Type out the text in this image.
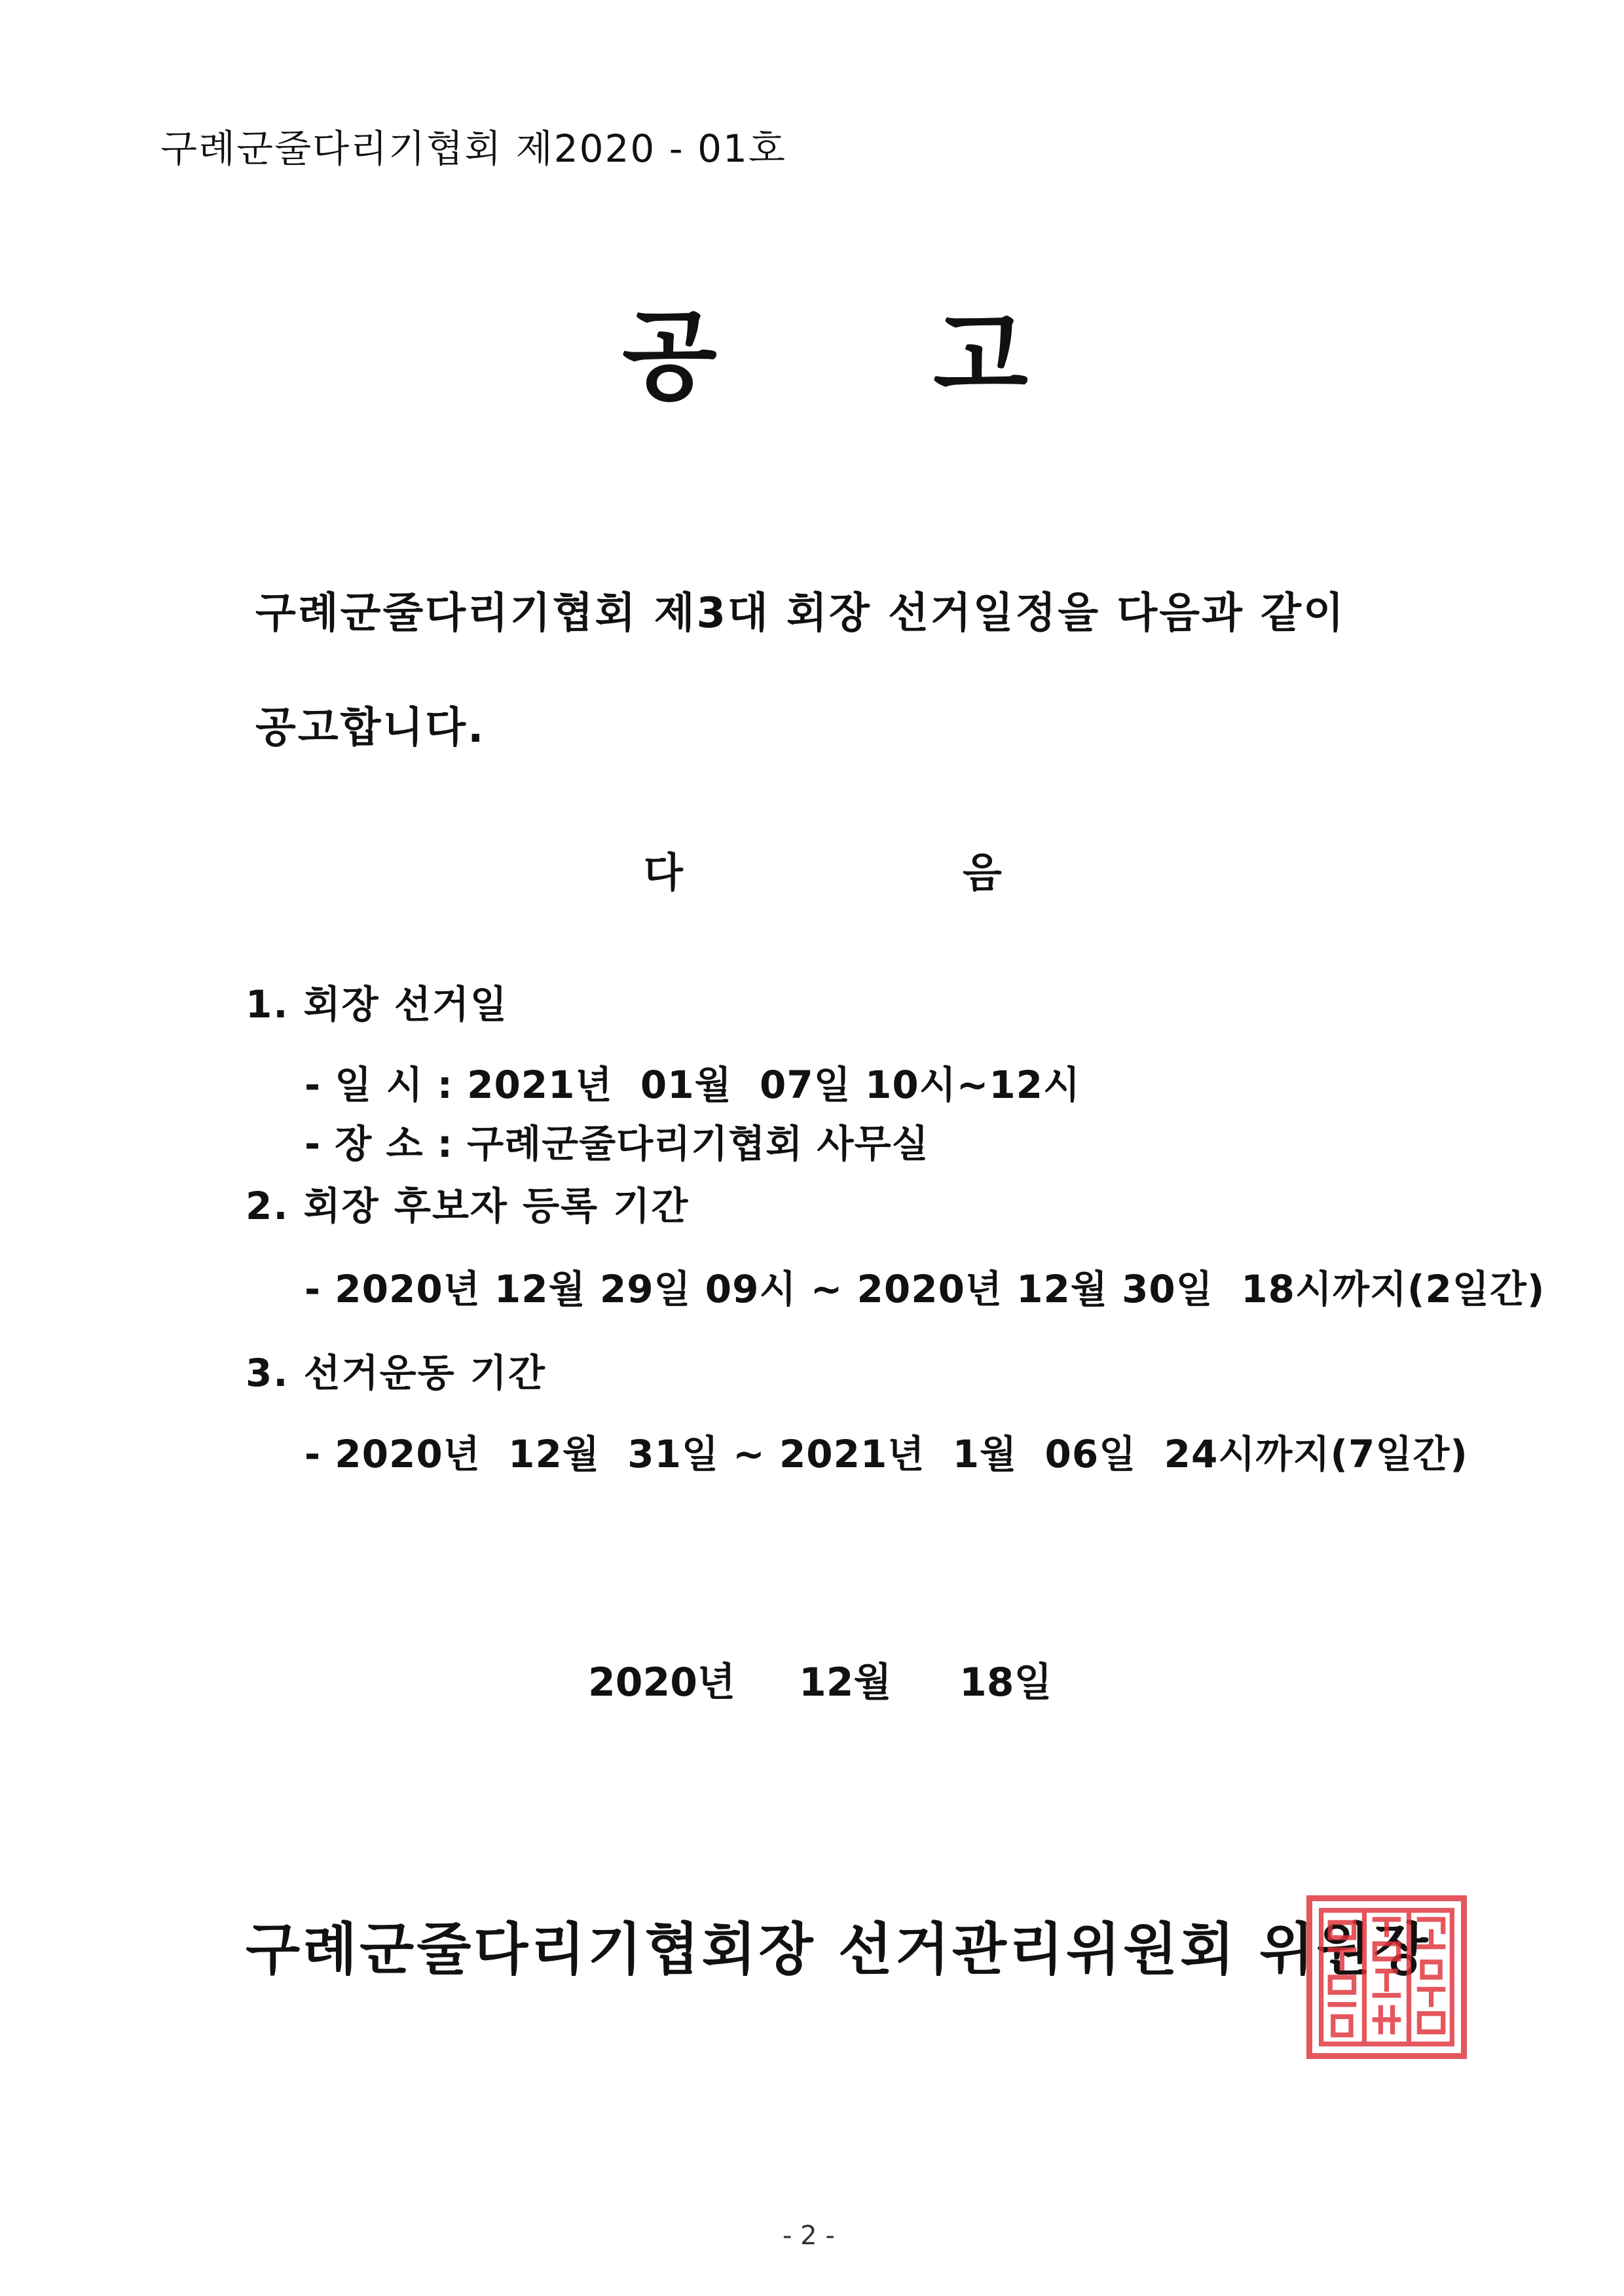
구례군줄다리기협회 제2020 - 01호
공 고
구례군줄다리기협회 제3대 회장 선거일정을 다음과 같이
공고합니다.
다	음
1. 회장 선거일
- 일 시 : 2021년  01월  07일 10시~12시
- 장 소 : 구례군줄다리기협회 사무실
2. 회장 후보자 등록 기간
- 2020년 12월 29일 09시 ~ 2020년 12월 30일  18시까지(2일간)
3. 선거운동 기간
- 2020년  12월  31일 ~ 2021년  1월  06일  24시까지(7일간)
2020년 12월 18일
구례군줄다리기협회장 선거관리위원회 위원장
- 2 -
